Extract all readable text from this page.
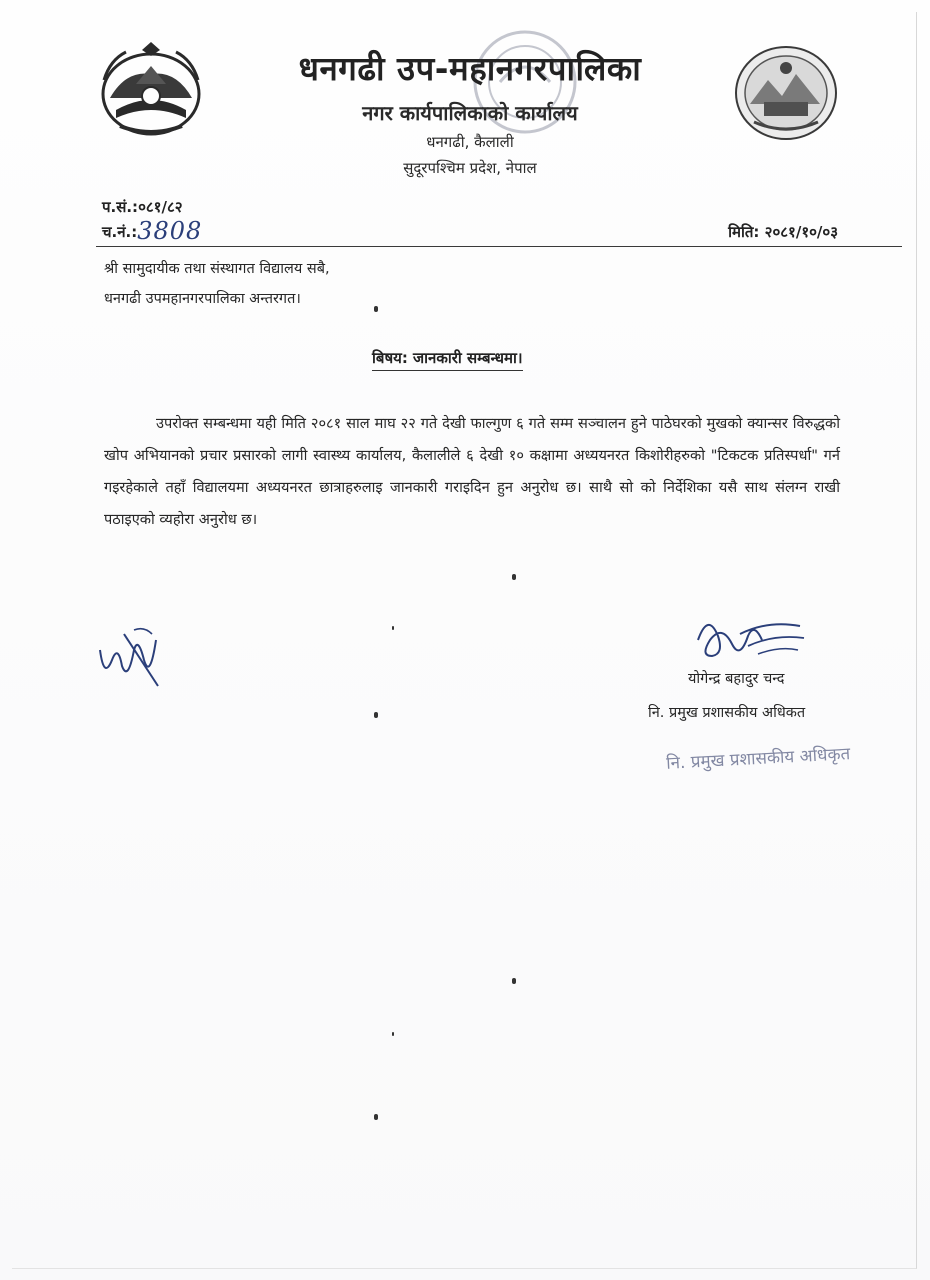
धनगढी उप-महानगरपालिका
नगर कार्यपालिकाको कार्यालय
धनगढी, कैलाली
सुदूरपश्चिम प्रदेश, नेपाल
प.सं.:०८१/८२
च.नं.:3808	मिति: २०८१/१०/०३
श्री सामुदायीक तथा संस्थागत विद्यालय सबै,
धनगढी उपमहानगरपालिका अन्तरगत।
बिषय: जानकारी सम्बन्धमा।
उपरोक्त सम्बन्धमा यही मिति २०८१ साल माघ २२ गते देखी फाल्गुण ६ गते सम्म सञ्चालन हुने पाठेघरको मुखको क्यान्सर विरुद्धको खोप अभियानको प्रचार प्रसारको लागी स्वास्थ्य कार्यालय, कैलालीले ६ देखी १० कक्षामा अध्ययनरत किशोरीहरुको "टिकटक प्रतिस्पर्धा" गर्न गइरहेकाले तहाँ विद्यालयमा अध्ययनरत छात्राहरुलाइ जानकारी गराइदिन हुन अनुरोध छ। साथै सो को निर्देशिका यसै साथ संलग्न राखी पठाइएको व्यहोरा अनुरोध छ।
योगेन्द्र बहादुर चन्द
नि. प्रमुख प्रशासकीय अधिकत
नि. प्रमुख प्रशासकीय अधिकृत
